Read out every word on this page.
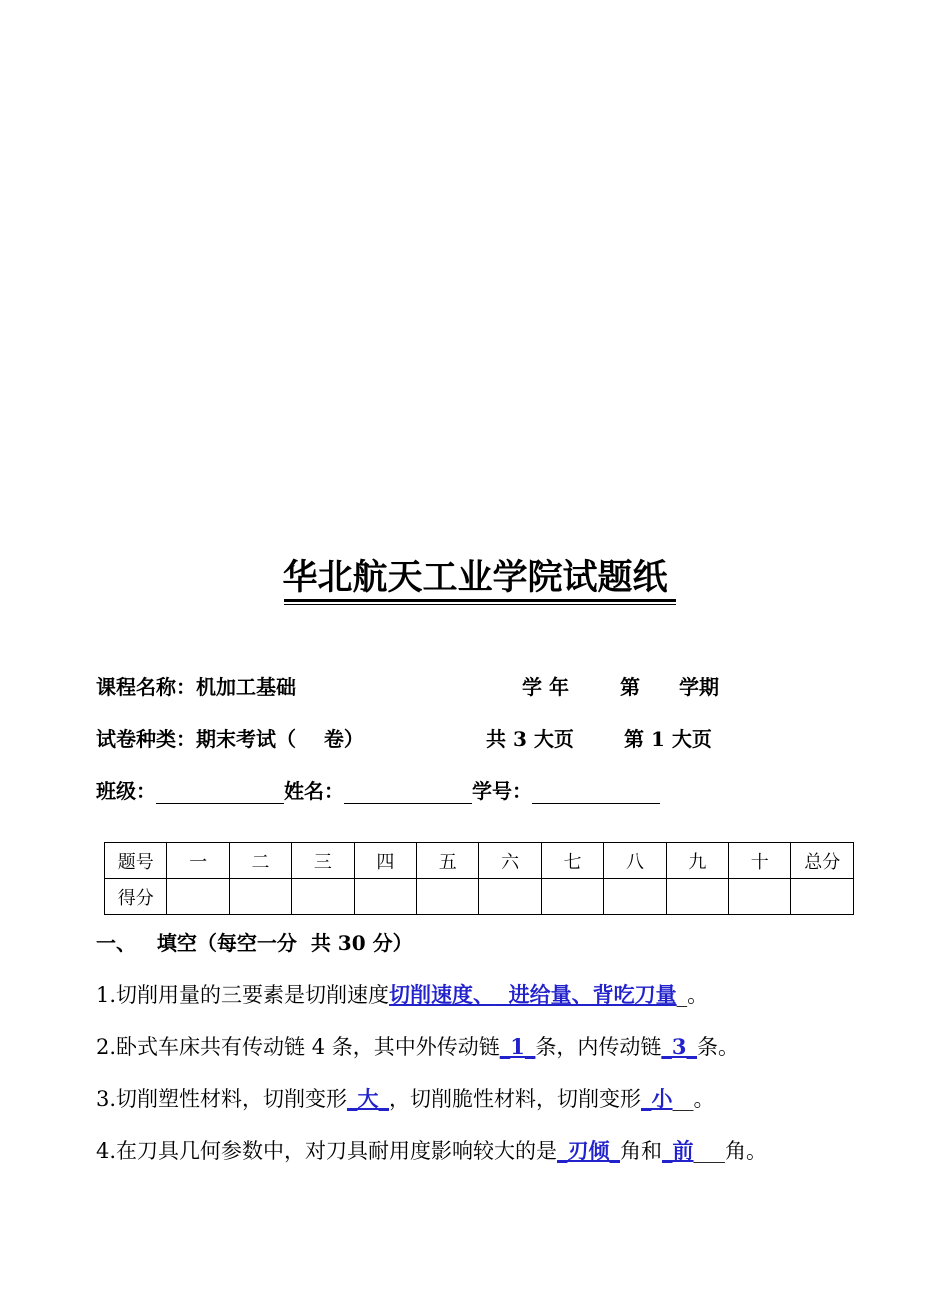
华北航天工业学院试题纸
课程名称：机加工基础	学 年	第 学期
试卷种类：期末考试（    卷）	共 3 大页	第 1 大页
班级：	姓名：	学号：
题号	一	二	三	四	五	六	七	八	九	十	总分
得分											
一、   填空（每空一分  共 30 分）
1.切削用量的三要素是切削速度切削速度、  进给量、背吃刀量_。
2.卧式车床共有传动链 4 条，其中外传动链_1_条，内传动链_3_条。
3.切削塑性材料，切削变形_大_，切削脆性材料，切削变形_小__。
4.在刀具几何参数中，对刀具耐用度影响较大的是_刃倾_角和_前___角。
